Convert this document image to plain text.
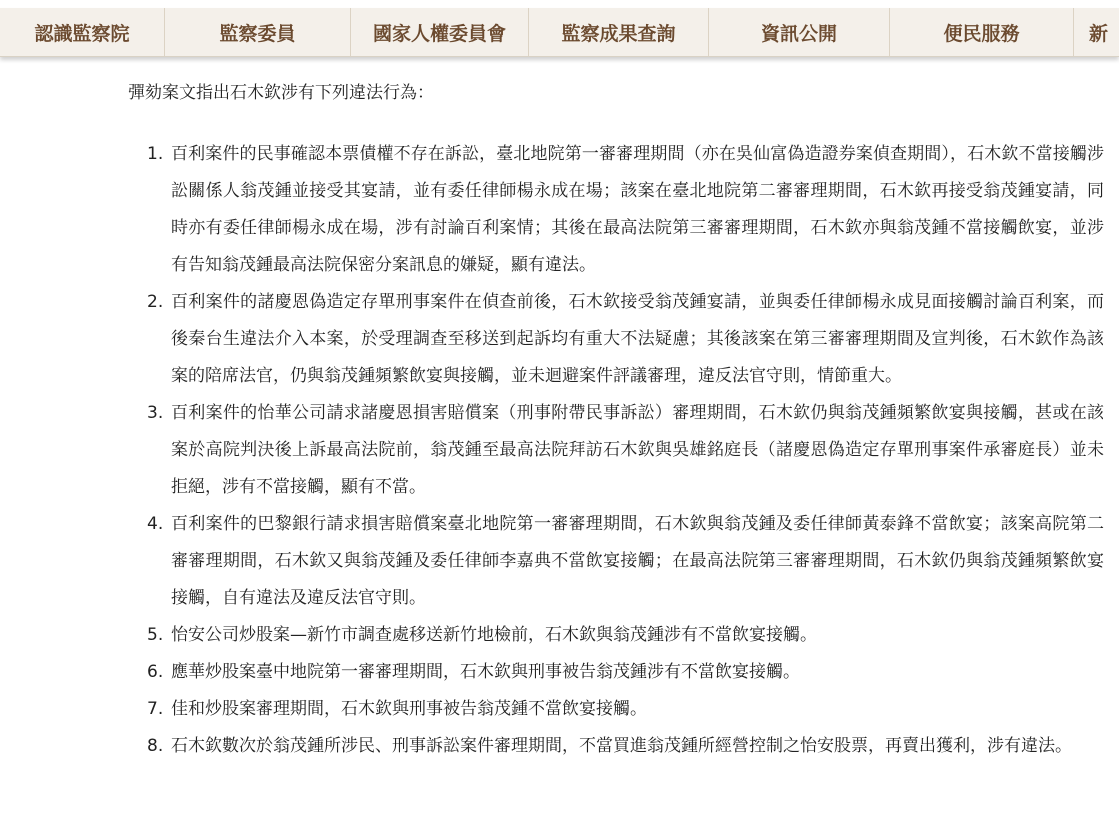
認識監察院	監察委員	國家人權委員會	監察成果查詢	資訊公開	便民服務	新

彈劾案文指出石木欽涉有下列違法行為：

1. 百利案件的民事確認本票債權不存在訴訟，臺北地院第一審審理期間（亦在吳仙富偽造證券案偵查期間），石木欽不當接觸涉訟關係人翁茂鍾並接受其宴請，並有委任律師楊永成在場；該案在臺北地院第二審審理期間，石木欽再接受翁茂鍾宴請，同時亦有委任律師楊永成在場，涉有討論百利案情；其後在最高法院第三審審理期間，石木欽亦與翁茂鍾不當接觸飲宴，並涉有告知翁茂鍾最高法院保密分案訊息的嫌疑，顯有違法。
2. 百利案件的諸慶恩偽造定存單刑事案件在偵查前後，石木欽接受翁茂鍾宴請，並與委任律師楊永成見面接觸討論百利案，而後秦台生違法介入本案，於受理調查至移送到起訴均有重大不法疑慮；其後該案在第三審審理期間及宣判後，石木欽作為該案的陪席法官，仍與翁茂鍾頻繁飲宴與接觸，並未迴避案件評議審理，違反法官守則，情節重大。
3. 百利案件的怡華公司請求諸慶恩損害賠償案（刑事附帶民事訴訟）審理期間，石木欽仍與翁茂鍾頻繁飲宴與接觸，甚或在該案於高院判決後上訴最高法院前，翁茂鍾至最高法院拜訪石木欽與吳雄銘庭長（諸慶恩偽造定存單刑事案件承審庭長）並未拒絕，涉有不當接觸，顯有不當。
4. 百利案件的巴黎銀行請求損害賠償案臺北地院第一審審理期間，石木欽與翁茂鍾及委任律師黃泰鋒不當飲宴；該案高院第二審審理期間，石木欽又與翁茂鍾及委任律師李嘉典不當飲宴接觸；在最高法院第三審審理期間，石木欽仍與翁茂鍾頻繁飲宴接觸，自有違法及違反法官守則。
5. 怡安公司炒股案—新竹市調查處移送新竹地檢前，石木欽與翁茂鍾涉有不當飲宴接觸。
6. 應華炒股案臺中地院第一審審理期間，石木欽與刑事被告翁茂鍾涉有不當飲宴接觸。
7. 佳和炒股案審理期間，石木欽與刑事被告翁茂鍾不當飲宴接觸。
8. 石木欽數次於翁茂鍾所涉民、刑事訴訟案件審理期間，不當買進翁茂鍾所經營控制之怡安股票，再賣出獲利，涉有違法。
